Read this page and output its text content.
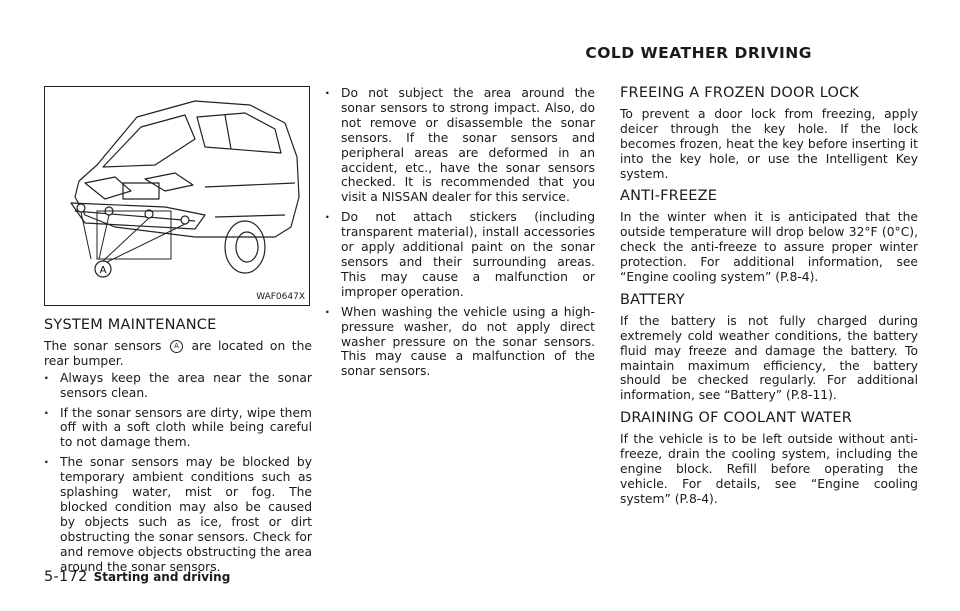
COLD WEATHER DRIVING
A
WAF0647X
SYSTEM MAINTENANCE

The sonar sensors A are located on the rear bumper.

. Always keep the area near the sonar sensors clean.
. If the sonar sensors are dirty, wipe them off with a soft cloth while being careful to not damage them.
. The sonar sensors may be blocked by temporary ambient conditions such as splashing water, mist or fog. The blocked condition may also be caused by objects such as ice, frost or dirt obstructing the sonar sensors. Check for and remove objects obstructing the area around the sonar sensors.
. Do not subject the area around the sonar sensors to strong impact. Also, do not remove or disassemble the sonar sensors. If the sonar sensors and peripheral areas are deformed in an accident, etc., have the sonar sensors checked. It is recommended that you visit a NISSAN dealer for this service.
. Do not attach stickers (including transparent material), install accessories or apply additional paint on the sonar sensors and their surrounding areas. This may cause a malfunction or improper operation.
. When washing the vehicle using a high-pressure washer, do not apply direct washer pressure on the sonar sensors. This may cause a malfunction of the sonar sensors.
FREEING A FROZEN DOOR LOCK

To prevent a door lock from freezing, apply deicer through the key hole. If the lock becomes frozen, heat the key before inserting it into the key hole, or use the Intelligent Key system.

ANTI-FREEZE

In the winter when it is anticipated that the outside temperature will drop below 32°F (0°C), check the anti-freeze to assure proper winter protection. For additional information, see “Engine cooling system” (P.8-4).

BATTERY

If the battery is not fully charged during extremely cold weather conditions, the battery fluid may freeze and damage the battery. To maintain maximum efficiency, the battery should be checked regularly. For additional information, see “Battery” (P.8-11).

DRAINING OF COOLANT WATER

If the vehicle is to be left outside without anti-freeze, drain the cooling system, including the engine block. Refill before operating the vehicle. For details, see “Engine cooling system” (P.8-4).

5-172 Starting and driving
